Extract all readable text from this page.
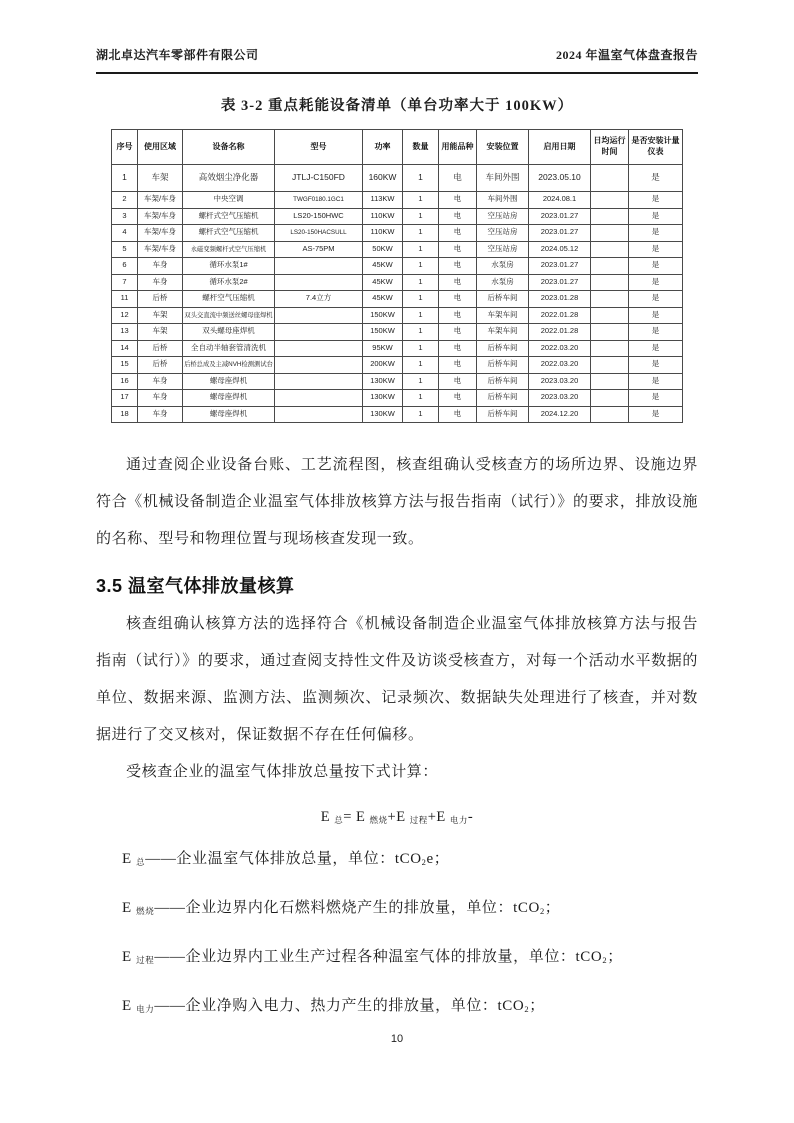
湖北卓达汽车零部件有限公司	2024 年温室气体盘查报告
表 3-2 重点耗能设备清单（单台功率大于 100KW）
序号	使用区域	设备名称	型号	功率	数量	用能品种	安装位置	启用日期	日均运行时间	是否安装计量仪表
1	车架	高效烟尘净化器	JTLJ-C150FD	160KW	1	电	车间外围	2023.05.10		是
2	车架/车身	中央空调	TWGF0180.1GC1	113KW	1	电	车间外围	2024.08.1		是
3	车架/车身	螺杆式空气压缩机	LS20-150HWC	110KW	1	电	空压站房	2023.01.27		是
4	车架/车身	螺杆式空气压缩机	LS20-150HACSULL	110KW	1	电	空压站房	2023.01.27		是
5	车架/车身	永磁变频螺杆式空气压缩机	AS-75PM	50KW	1	电	空压站房	2024.05.12		是
6	车身	循环水泵1#		45KW	1	电	水泵房	2023.01.27		是
7	车身	循环水泵2#		45KW	1	电	水泵房	2023.01.27		是
11	后桥	螺杆空气压缩机	7.4立方	45KW	1	电	后桥车间	2023.01.28		是
12	车架	双头交直流中频送丝螺母座焊机		150KW	1	电	车架车间	2022.01.28		是
13	车架	双头螺母座焊机		150KW	1	电	车架车间	2022.01.28		是
14	后桥	全自动半轴套管清洗机		95KW	1	电	后桥车间	2022.03.20		是
15	后桥	后桥总成及主减NVH检测测试台		200KW	1	电	后桥车间	2022.03.20		是
16	车身	螺母座焊机		130KW	1	电	后桥车间	2023.03.20		是
17	车身	螺母座焊机		130KW	1	电	后桥车间	2023.03.20		是
18	车身	螺母座焊机		130KW	1	电	后桥车间	2024.12.20		是

通过查阅企业设备台账、工艺流程图，核查组确认受核查方的场所边界、设施边界符合《机械设备制造企业温室气体排放核算方法与报告指南（试行）》的要求，排放设施的名称、型号和物理位置与现场核查发现一致。

3.5 温室气体排放量核算

核查组确认核算方法的选择符合《机械设备制造企业温室气体排放核算方法与报告指南（试行）》的要求，通过查阅支持性文件及访谈受核查方，对每一个活动水平数据的单位、数据来源、监测方法、监测频次、记录频次、数据缺失处理进行了核查，并对数据进行了交叉核对，保证数据不存在任何偏移。

受核查企业的温室气体排放总量按下式计算：

E $_总$= E $_{燃烧}$+E $_{过程}$+E $_{电力}$-
E $_总$——企业温室气体排放总量，单位：tCO$_2$e；
E $_{燃烧}$——企业边界内化石燃料燃烧产生的排放量，单位：tCO$_2$；
E $_{过程}$——企业边界内工业生产过程各种温室气体的排放量，单位：tCO$_2$；
E $_{电力}$——企业净购入电力、热力产生的排放量，单位：tCO$_2$；
10
